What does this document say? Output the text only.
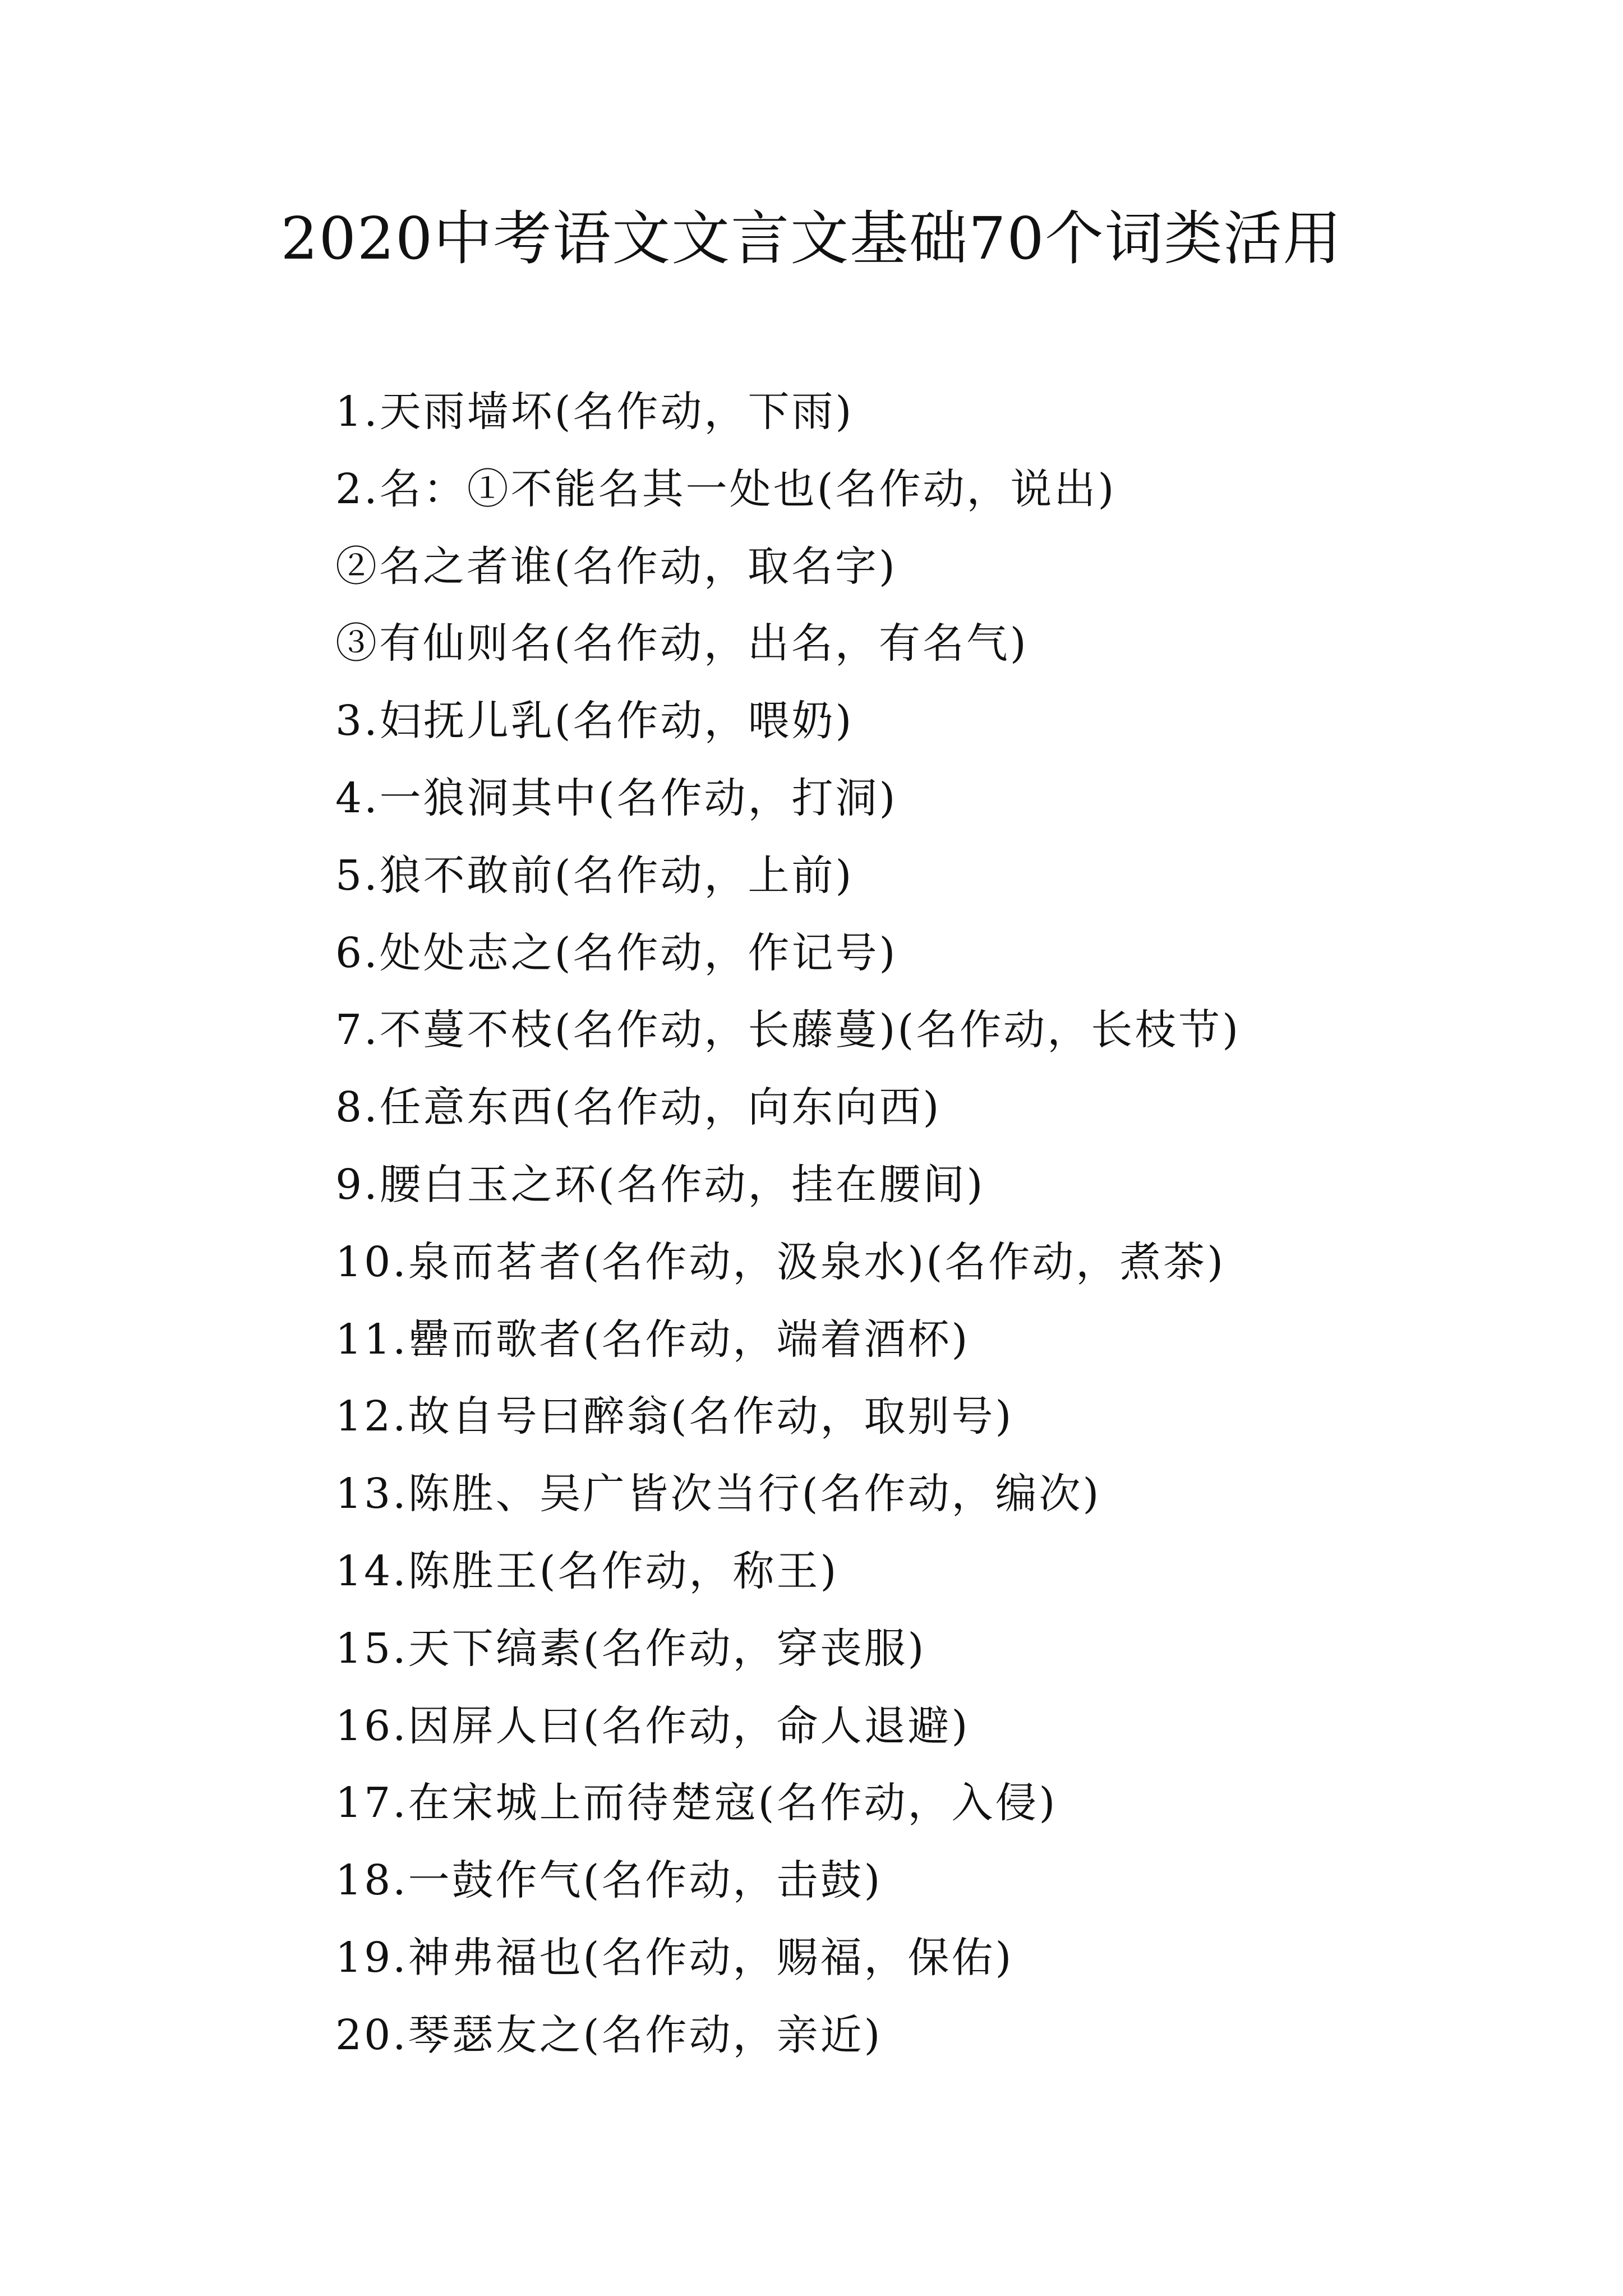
2020中考语文文言文基础70个词类活用
1.天雨墙坏(名作动，下雨)
2.名：①不能名其一处也(名作动，说出)
②名之者谁(名作动，取名字)
③有仙则名(名作动，出名，有名气)
3.妇抚儿乳(名作动，喂奶)
4.一狼洞其中(名作动，打洞)
5.狼不敢前(名作动，上前)
6.处处志之(名作动，作记号)
7.不蔓不枝(名作动，长藤蔓)(名作动，长枝节)
8.任意东西(名作动，向东向西)
9.腰白玉之环(名作动，挂在腰间)
10.泉而茗者(名作动，汲泉水)(名作动，煮茶)
11.罍而歌者(名作动，端着酒杯)
12.故自号曰醉翁(名作动，取别号)
13.陈胜、吴广皆次当行(名作动，编次)
14.陈胜王(名作动，称王)
15.天下缟素(名作动，穿丧服)
16.因屏人曰(名作动，命人退避)
17.在宋城上而待楚寇(名作动，入侵)
18.一鼓作气(名作动，击鼓)
19.神弗福也(名作动，赐福，保佑)
20.琴瑟友之(名作动，亲近)
